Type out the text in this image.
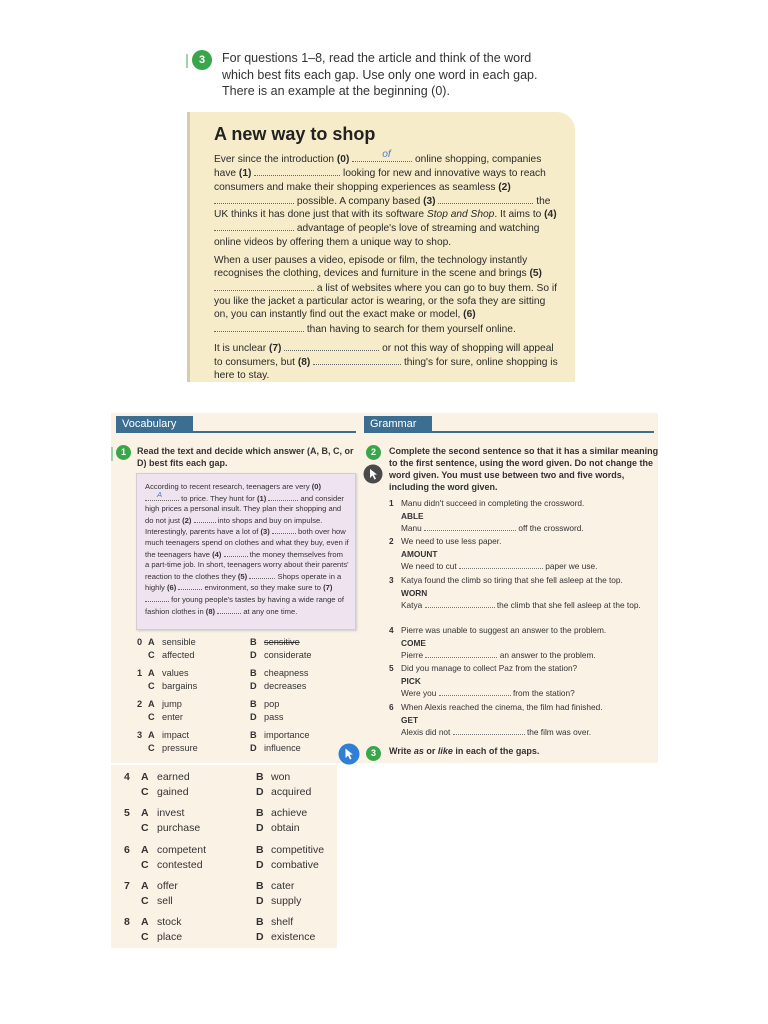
3	For questions 1–8, read the article and think of the word which best fits each gap. Use only one word in each gap. There is an example at the beginning (0).
A new way to shop

Ever since the introduction (0)	of online shopping, companies have (1)	looking for new and innovative ways to reach consumers and make their shopping experiences as seamless (2)  possible. A company based (3)	the UK thinks it has done just that with its software Stop and Shop. It aims to (4)  advantage of people's love of streaming and watching online videos by offering them a unique way to shop.

When a user pauses a video, episode or film, the technology instantly recognises the clothing, devices and furniture in the scene and brings (5)  a list of websites where you can go to buy them. So if you like the jacket a particular actor is wearing, or the sofa they are sitting on, you can instantly find out the exact make or model, (6)  than having to search for them yourself online.

It is unclear (7)	or not this way of shopping will appeal to consumers, but (8)	thing's for sure, online shopping is here to stay.

Vocabulary	Grammar
1	Read the text and decide which answer (A, B, C, or D) best fits each gap.
According to recent research, teenagers are very (0)
A to price. They hunt for (1)	and consider high prices a personal insult. They plan their shopping and do not just (2)	into shops and buy on impulse. Interestingly, parents have a lot of (3)	both over how much teenagers spend on clothes and what they buy, even if the teenagers have (4)	the money themselves from a part-time job. In short, teenagers worry about their parents' reaction to the clothes they (5)	. Shops operate in a highly (6)	environment, so they make sure to (7)  for young people's tastes by having a wide range of fashion clothes in (8)	at any one time.
0 A sensible	B sensitive
C affected	D considerate
1 A values	B cheapness
C bargains	D decreases
2 A jump	B pop
C enter	D pass
3 A impact	B importance
C pressure	D influence
2	Complete the second sentence so that it has a similar meaning to the first sentence, using the word given. Do not change the word given. You must use between two and five words, including the word given.
1 Manu didn't succeed in completing the crossword.
ABLE
Manu	off the crossword.
2 We need to use less paper.
AMOUNT
We need to cut	paper we use.
3 Katya found the climb so tiring that she fell asleep at the top.
WORN
Katya	the climb that she fell asleep at the top.
4 Pierre was unable to suggest an answer to the problem.
COME
Pierre	an answer to the problem.
5 Did you manage to collect Paz from the station?
PICK
Were you	from the station?
6 When Alexis reached the cinema, the film had finished.
GET
Alexis did not	the film was over.
3	Write as or like in each of the gaps.
4 A earned	B won
C gained	D acquired
5 A invest	B achieve
C purchase	D obtain
6 A competent	B competitive
C contested	D combative
7 A offer	B cater
C sell	D supply
8 A stock	B shelf
C place	D existence
